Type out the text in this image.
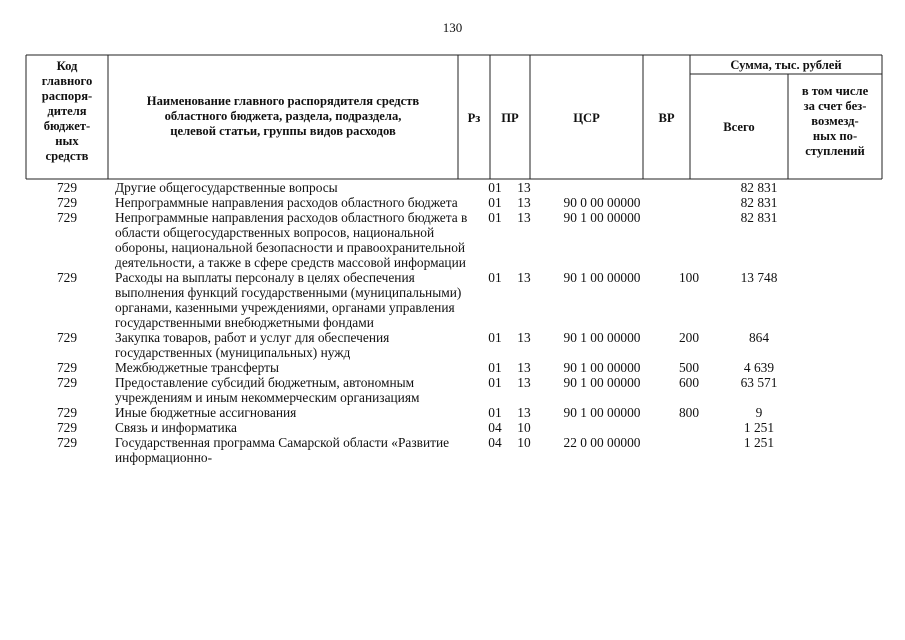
130
Код
главного
распоря-
дителя
бюджет-
ных
средств
Наименование главного распорядителя средств
областного бюджета, раздела, подраздела,
целевой статьи, группы видов расходов
Рз	ПР	ЦСР	ВР
Сумма, тыс. рублей
Всего
в том числе
за счет без-
возмезд-
ных по-
ступлений
729	Другие общегосударственные вопросы	01	13			82 831	
729	Непрограммные направления расходов областного бюджета	01	13	90 0 00 00000		82 831	
729	Непрограммные направления расходов областного бюджета в области общегосударственных вопросов, национальной обороны, национальной безопасности и правоохранительной деятельности, а также в сфере средств массовой информации	01	13	90 1 00 00000		82 831	
729	Расходы на выплаты персоналу в целях обеспечения выполнения функций государственными (муниципальными) органами, казенными учреждениями, органами управления государственными внебюджетными фондами	01	13	90 1 00 00000	100	13 748	
729	Закупка товаров, работ и услуг для обеспечения государственных (муниципальных) нужд	01	13	90 1 00 00000	200	864	
729	Межбюджетные трансферты	01	13	90 1 00 00000	500	4 639	
729	Предоставление субсидий бюджетным, автономным учреждениям и иным некоммерческим организациям	01	13	90 1 00 00000	600	63 571	
729	Иные бюджетные ассигнования	01	13	90 1 00 00000	800	9	
729	Связь и информатика	04	10			1 251	
729	Государственная программа Самарской области «Развитие информационно-	04	10	22 0 00 00000		1 251	
